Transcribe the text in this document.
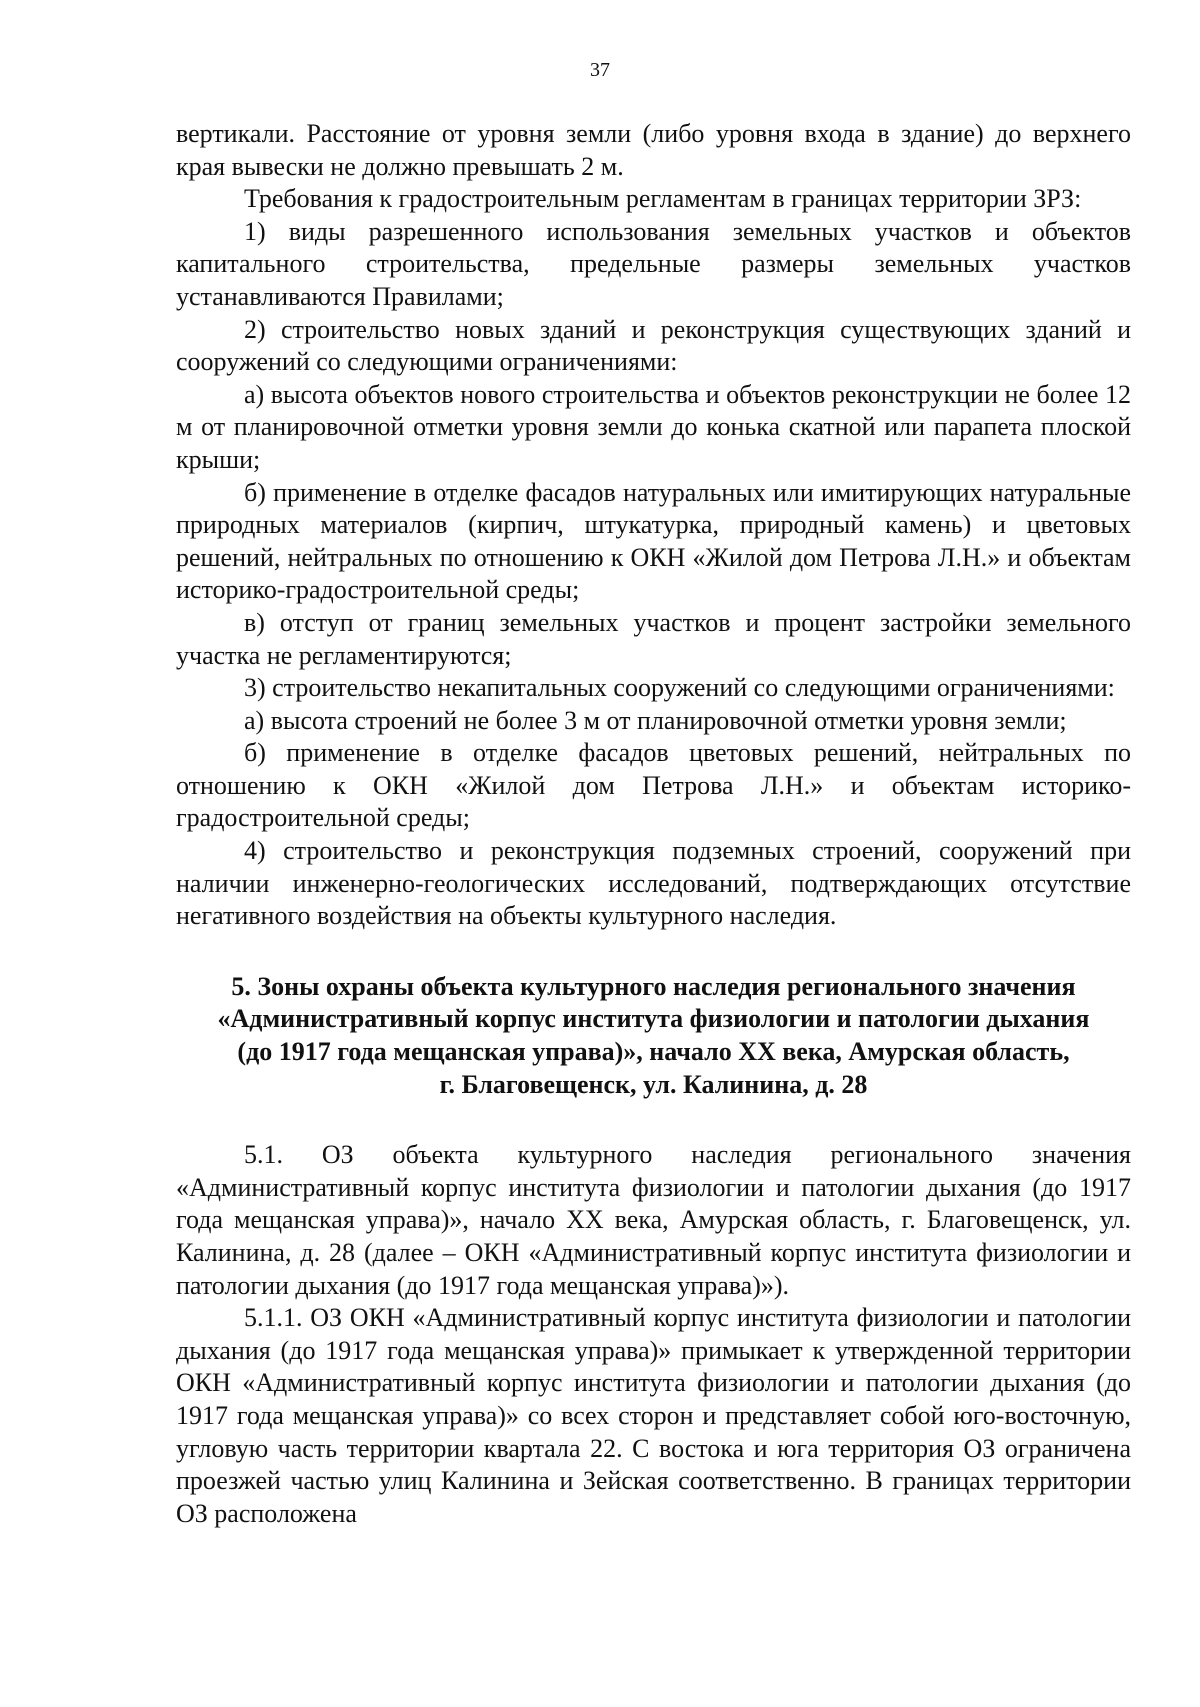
37

вертикали. Расстояние от уровня земли (либо уровня входа в здание) до верхнего края вывески не должно превышать 2 м.

Требования к градостроительным регламентам в границах территории ЗРЗ:

1) виды разрешенного использования земельных участков и объектов капитального строительства, предельные размеры земельных участков устанавливаются Правилами;

2) строительство новых зданий и реконструкция существующих зданий и сооружений со следующими ограничениями:

а) высота объектов нового строительства и объектов реконструкции не более 12 м от планировочной отметки уровня земли до конька скатной или парапета плоской крыши;

б) применение в отделке фасадов натуральных или имитирующих натуральные природных материалов (кирпич, штукатурка, природный камень) и цветовых решений, нейтральных по отношению к ОКН «Жилой дом Петрова Л.Н.» и объектам историко-градостроительной среды;

в) отступ от границ земельных участков и процент застройки земельного участка не регламентируются;

3) строительство некапитальных сооружений со следующими ограничениями:

а) высота строений не более 3 м от планировочной отметки уровня земли;

б) применение в отделке фасадов цветовых решений, нейтральных по отношению к ОКН «Жилой дом Петрова Л.Н.» и объектам историко-градостроительной среды;

4) строительство и реконструкция подземных строений, сооружений при наличии инженерно-геологических исследований, подтверждающих отсутствие негативного воздействия на объекты культурного наследия.

5. Зоны охраны объекта культурного наследия регионального значения
«Административный корпус института физиологии и патологии дыхания
(до 1917 года мещанская управа)», начало XX века, Амурская область,
г. Благовещенск, ул. Калинина, д. 28

5.1. ОЗ объекта культурного наследия регионального значения «Административный корпус института физиологии и патологии дыхания (до 1917 года мещанская управа)», начало XX века, Амурская область, г. Благовещенск, ул. Калинина, д. 28 (далее – ОКН «Административный корпус института физиологии и патологии дыхания (до 1917 года мещанская управа)»).

5.1.1. ОЗ ОКН «Административный корпус института физиологии и патологии дыхания (до 1917 года мещанская управа)» примыкает к утвержденной территории ОКН «Административный корпус института физиологии и патологии дыхания (до 1917 года мещанская управа)» со всех сторон и представляет собой юго-восточную, угловую часть территории квартала 22. С востока и юга территория ОЗ ограничена проезжей частью улиц Калинина и Зейская соответственно. В границах территории ОЗ расположена
